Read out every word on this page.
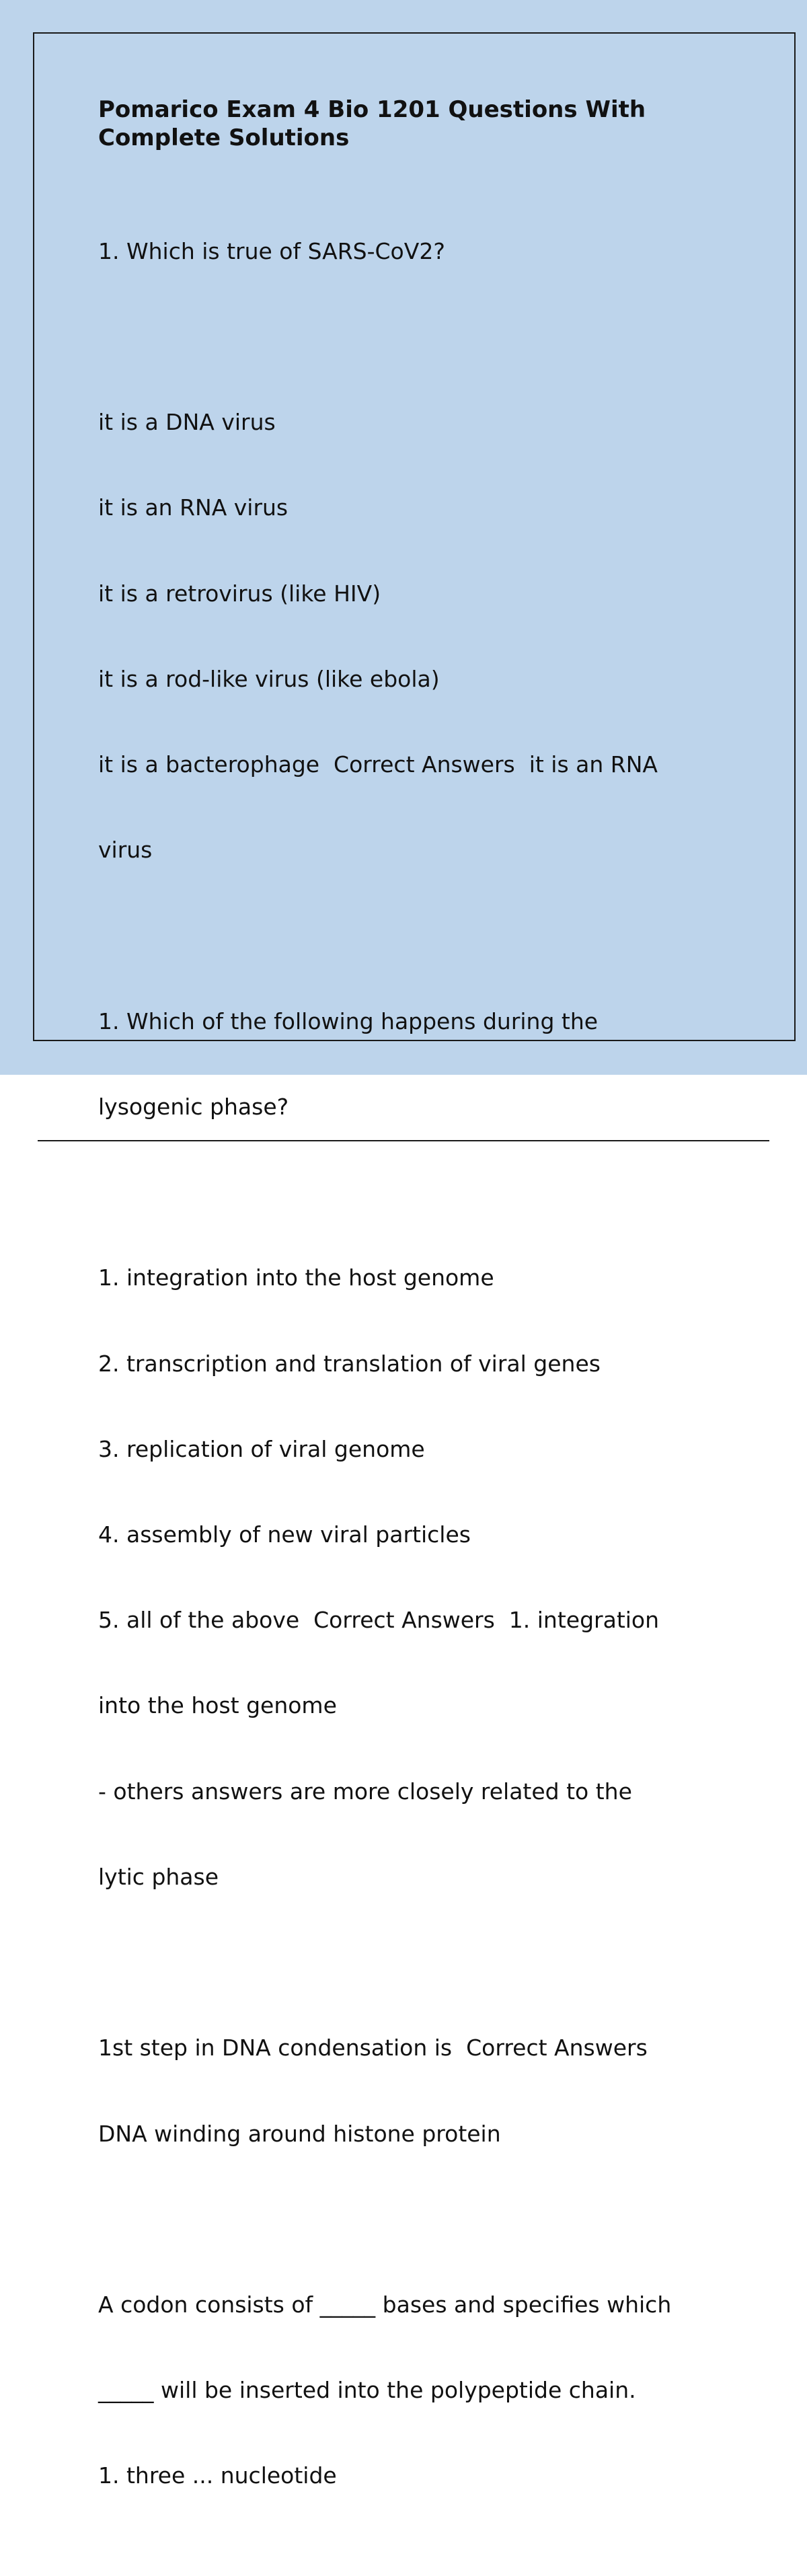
Pomarico Exam 4 Bio 1201 Questions With
Complete Solutions

1. Which is true of SARS-CoV2?

it is a DNA virus

it is an RNA virus

it is a retrovirus (like HIV)

it is a rod-like virus (like ebola)

it is a bacterophage  Correct Answers  it is an RNA

virus

1. Which of the following happens during the

lysogenic phase?

1. integration into the host genome

2. transcription and translation of viral genes

3. replication of viral genome

4. assembly of new viral particles

5. all of the above  Correct Answers  1. integration

into the host genome

- others answers are more closely related to the

lytic phase

1st step in DNA condensation is  Correct Answers

DNA winding around histone protein

A codon consists of _____ bases and specifies which

_____ will be inserted into the polypeptide chain.

1. three ... nucleotide
